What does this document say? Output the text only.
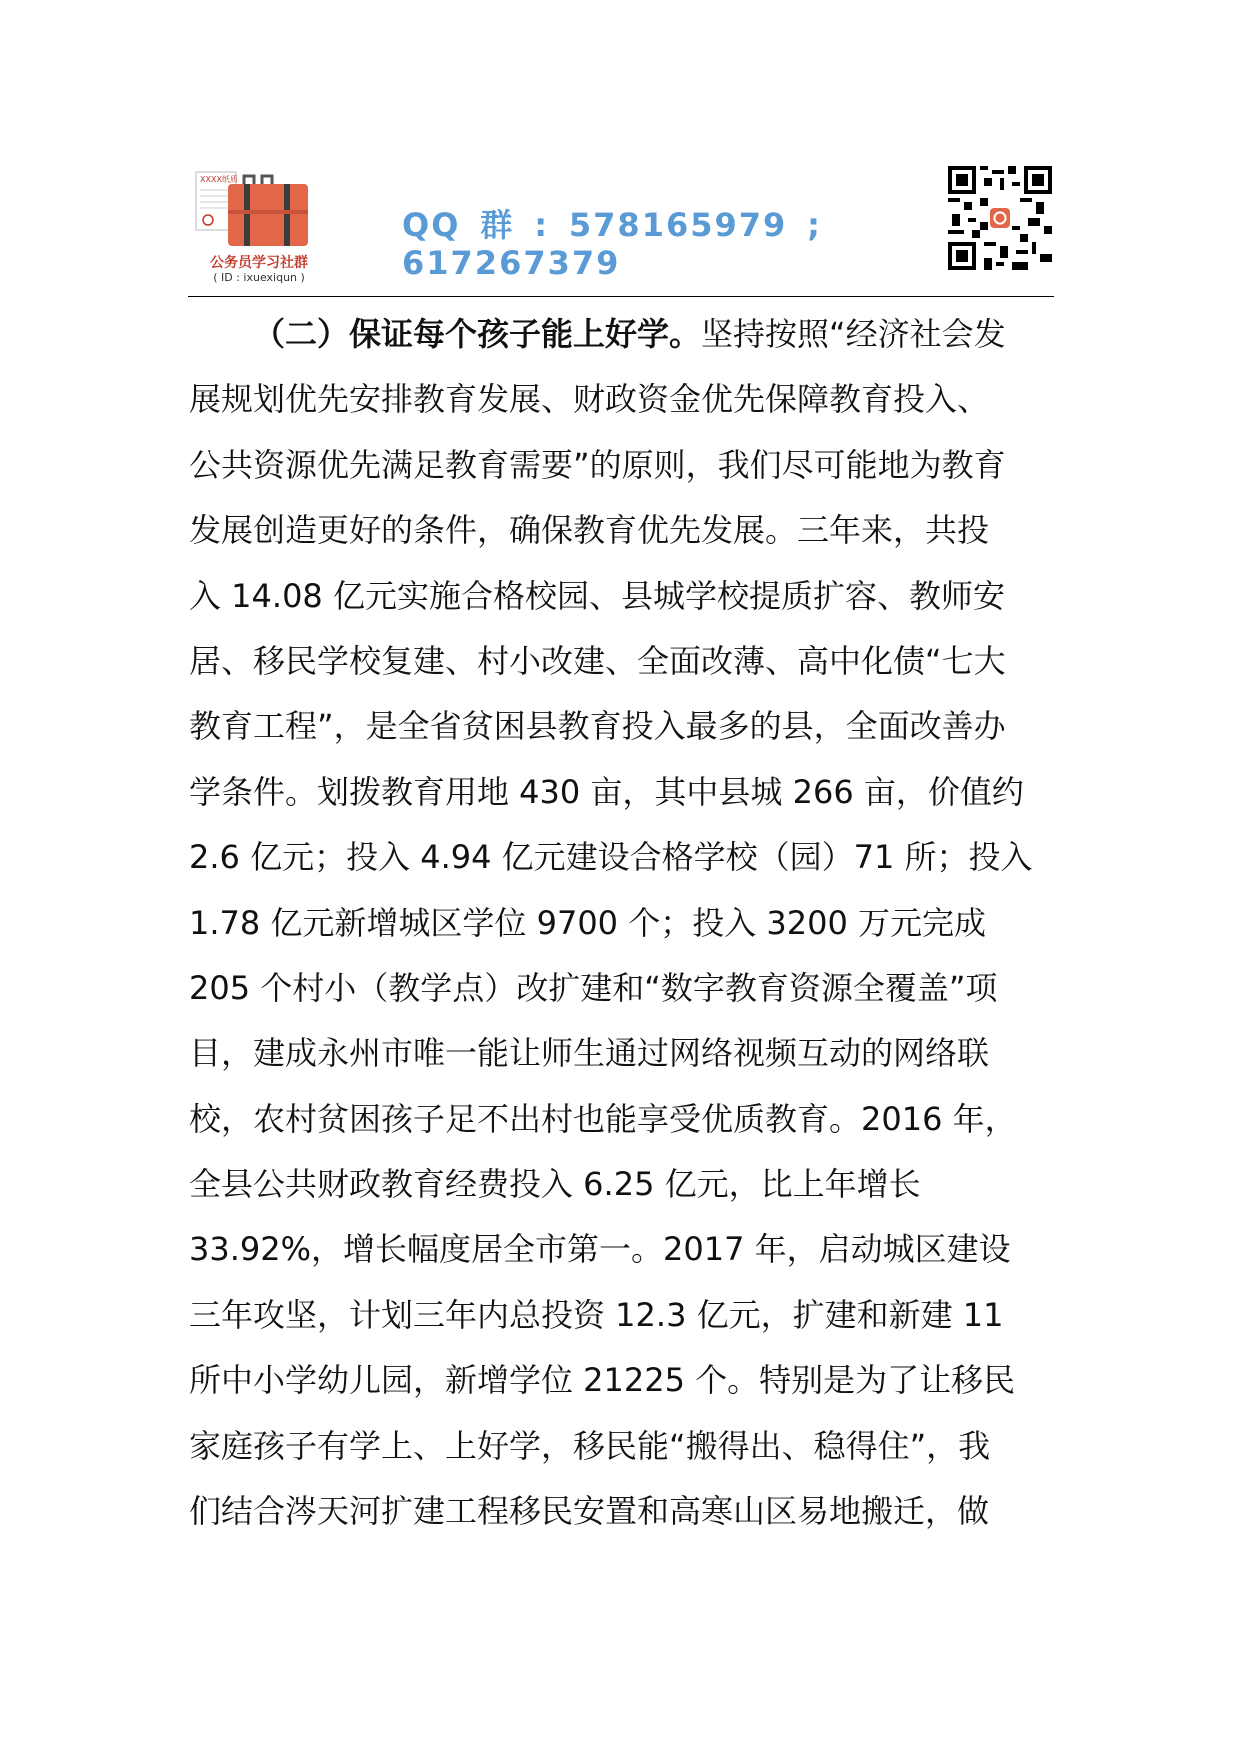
XXXX纸质
公务员学习社群
( ID : ixuexiqun )
QQ 群 : 578165979 ;
617267379
（二）保证每个孩子能上好学。坚持按照“经济社会发
展规划优先安排教育发展、财政资金优先保障教育投入、
公共资源优先满足教育需要”的原则，我们尽可能地为教育
发展创造更好的条件，确保教育优先发展。三年来，共投
入 14.08 亿元实施合格校园、县城学校提质扩容、教师安
居、移民学校复建、村小改建、全面改薄、高中化债“七大
教育工程”，是全省贫困县教育投入最多的县，全面改善办
学条件。划拨教育用地 430 亩，其中县城 266 亩，价值约
2.6 亿元；投入 4.94 亿元建设合格学校（园）71 所；投入
1.78 亿元新增城区学位 9700 个；投入 3200 万元完成
205 个村小（教学点）改扩建和“数字教育资源全覆盖”项
目，建成永州市唯一能让师生通过网络视频互动的网络联
校，农村贫困孩子足不出村也能享受优质教育。2016 年，
全县公共财政教育经费投入 6.25 亿元，比上年增长
33.92%，增长幅度居全市第一。2017 年，启动城区建设
三年攻坚，计划三年内总投资 12.3 亿元，扩建和新建 11
所中小学幼儿园，新增学位 21225 个。特别是为了让移民
家庭孩子有学上、上好学，移民能“搬得出、稳得住”，我
们结合涔天河扩建工程移民安置和高寒山区易地搬迁，做
